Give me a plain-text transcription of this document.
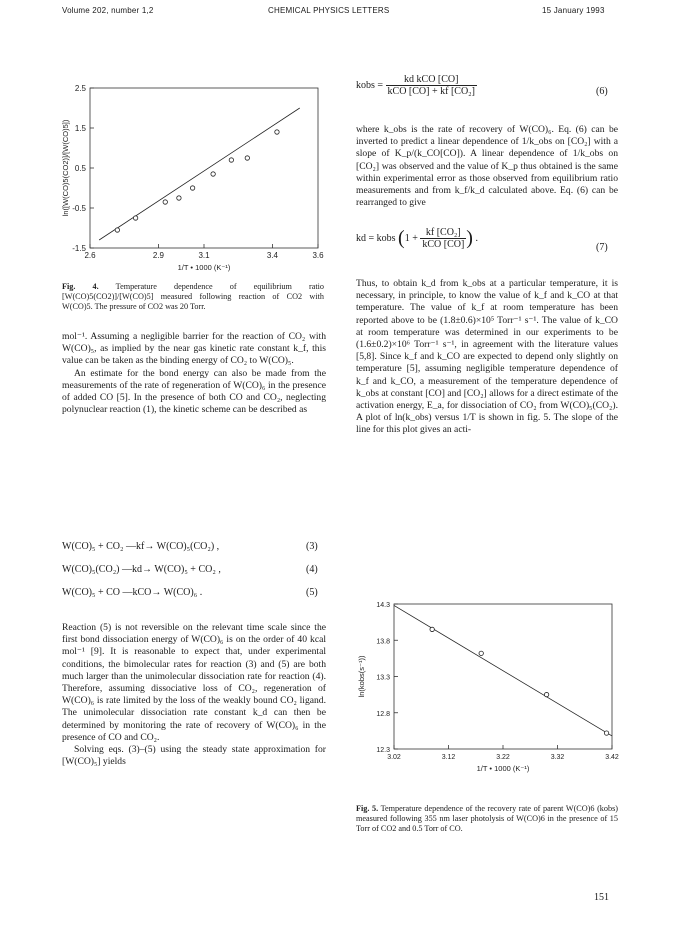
Volume 202, number 1,2	CHEMICAL PHYSICS LETTERS	15 January 1993
2.6	2.9	3.1	3.4	3.6
2.5
1.5
0.5
-0.5
-1.5
1/T • 1000 (K⁻¹)
ln([W(CO)5(CO2)]/[W(CO)5])
Fig. 4. Temperature dependence of equilibrium ratio [W(CO)5(CO2)]/[W(CO)5] measured following reaction of CO2 with W(CO)5. The pressure of CO2 was 20 Torr.

mol⁻¹. Assuming a negligible barrier for the reaction of CO₂ with W(CO)₅, as implied by the near gas kinetic rate constant k_f, this value can be taken as the binding energy of CO₂ to W(CO)₅.

An estimate for the bond energy can also be made from the measurements of the rate of regeneration of W(CO)₆ in the presence of added CO [5]. In the presence of both CO and CO₂, neglecting polynuclear reaction (1), the kinetic scheme can be described as

W(CO)₅ + CO₂ —kf→ W(CO)₅(CO₂) ,	(3)
W(CO)₅(CO₂) —kd→ W(CO)₅ + CO₂ ,	(4)
W(CO)₅ + CO —kCO→ W(CO)₆ .	(5)

Reaction (5) is not reversible on the relevant time scale since the first bond dissociation energy of W(CO)₆ is on the order of 40 kcal mol⁻¹ [9]. It is reasonable to expect that, under experimental conditions, the bimolecular rates for reaction (3) and (5) are both much larger than the unimolecular dissociation rate for reaction (4). Therefore, assuming dissociative loss of CO₂, regeneration of W(CO)₆ is rate limited by the loss of the weakly bound CO₂ ligand. The unimolecular dissociation rate constant k_d can then be determined by monitoring the rate of recovery of W(CO)₆ in the presence of CO and CO₂.

Solving eqs. (3)–(5) using the steady state approximation for [W(CO)₅] yields

kobs = $\frac{\text{kd kCO [CO]}}{\text{kCO [CO] + kf [CO₂]}}$	(6)

where k_obs is the rate of recovery of W(CO)₆. Eq. (6) can be inverted to predict a linear dependence of 1/k_obs on [CO₂] with a slope of K_p/(k_CO[CO]). A linear dependence of 1/k_obs on [CO₂] was observed and the value of K_p thus obtained is the same within experimental error as those observed from equilibrium ratio measurements and from k_f/k_d calculated above. Eq. (6) can be rearranged to give

kd = kobs ($1 + \frac{\text{kf [CO₂]}}{\text{kCO [CO]}}$ ) .
(7)

Thus, to obtain k_d from k_obs at a particular temperature, it is necessary, in principle, to know the value of k_f and k_CO at that temperature. The value of k_f at room temperature has been reported above to be (1.8±0.6)×10⁵ Torr⁻¹ s⁻¹. The value of k_CO at room temperature was determined in our experiments to be (1.6±0.2)×10⁶ Torr⁻¹ s⁻¹, in agreement with the literature values [5,8]. Since k_f and k_CO are expected to depend only slightly on temperature [5], assuming negligible temperature dependence of k_f and k_CO, a measurement of the temperature dependence of k_obs at constant [CO] and [CO₂] allows for a direct estimate of the activation energy, E_a, for dissociation of CO₂ from W(CO)₅(CO₂). A plot of ln(k_obs) versus 1/T is shown in fig. 5. The slope of the line for this plot gives an acti-

3.02	3.12	3.22	3.32	3.42
14.3
13.8
13.3
12.8
12.3
1/T • 1000 (K⁻¹)
ln(kobs(s⁻¹))
Fig. 5. Temperature dependence of the recovery rate of parent W(CO)6 (kobs) measured following 355 nm laser photolysis of W(CO)6 in the presence of 15 Torr of CO2 and 0.5 Torr of CO.
151
